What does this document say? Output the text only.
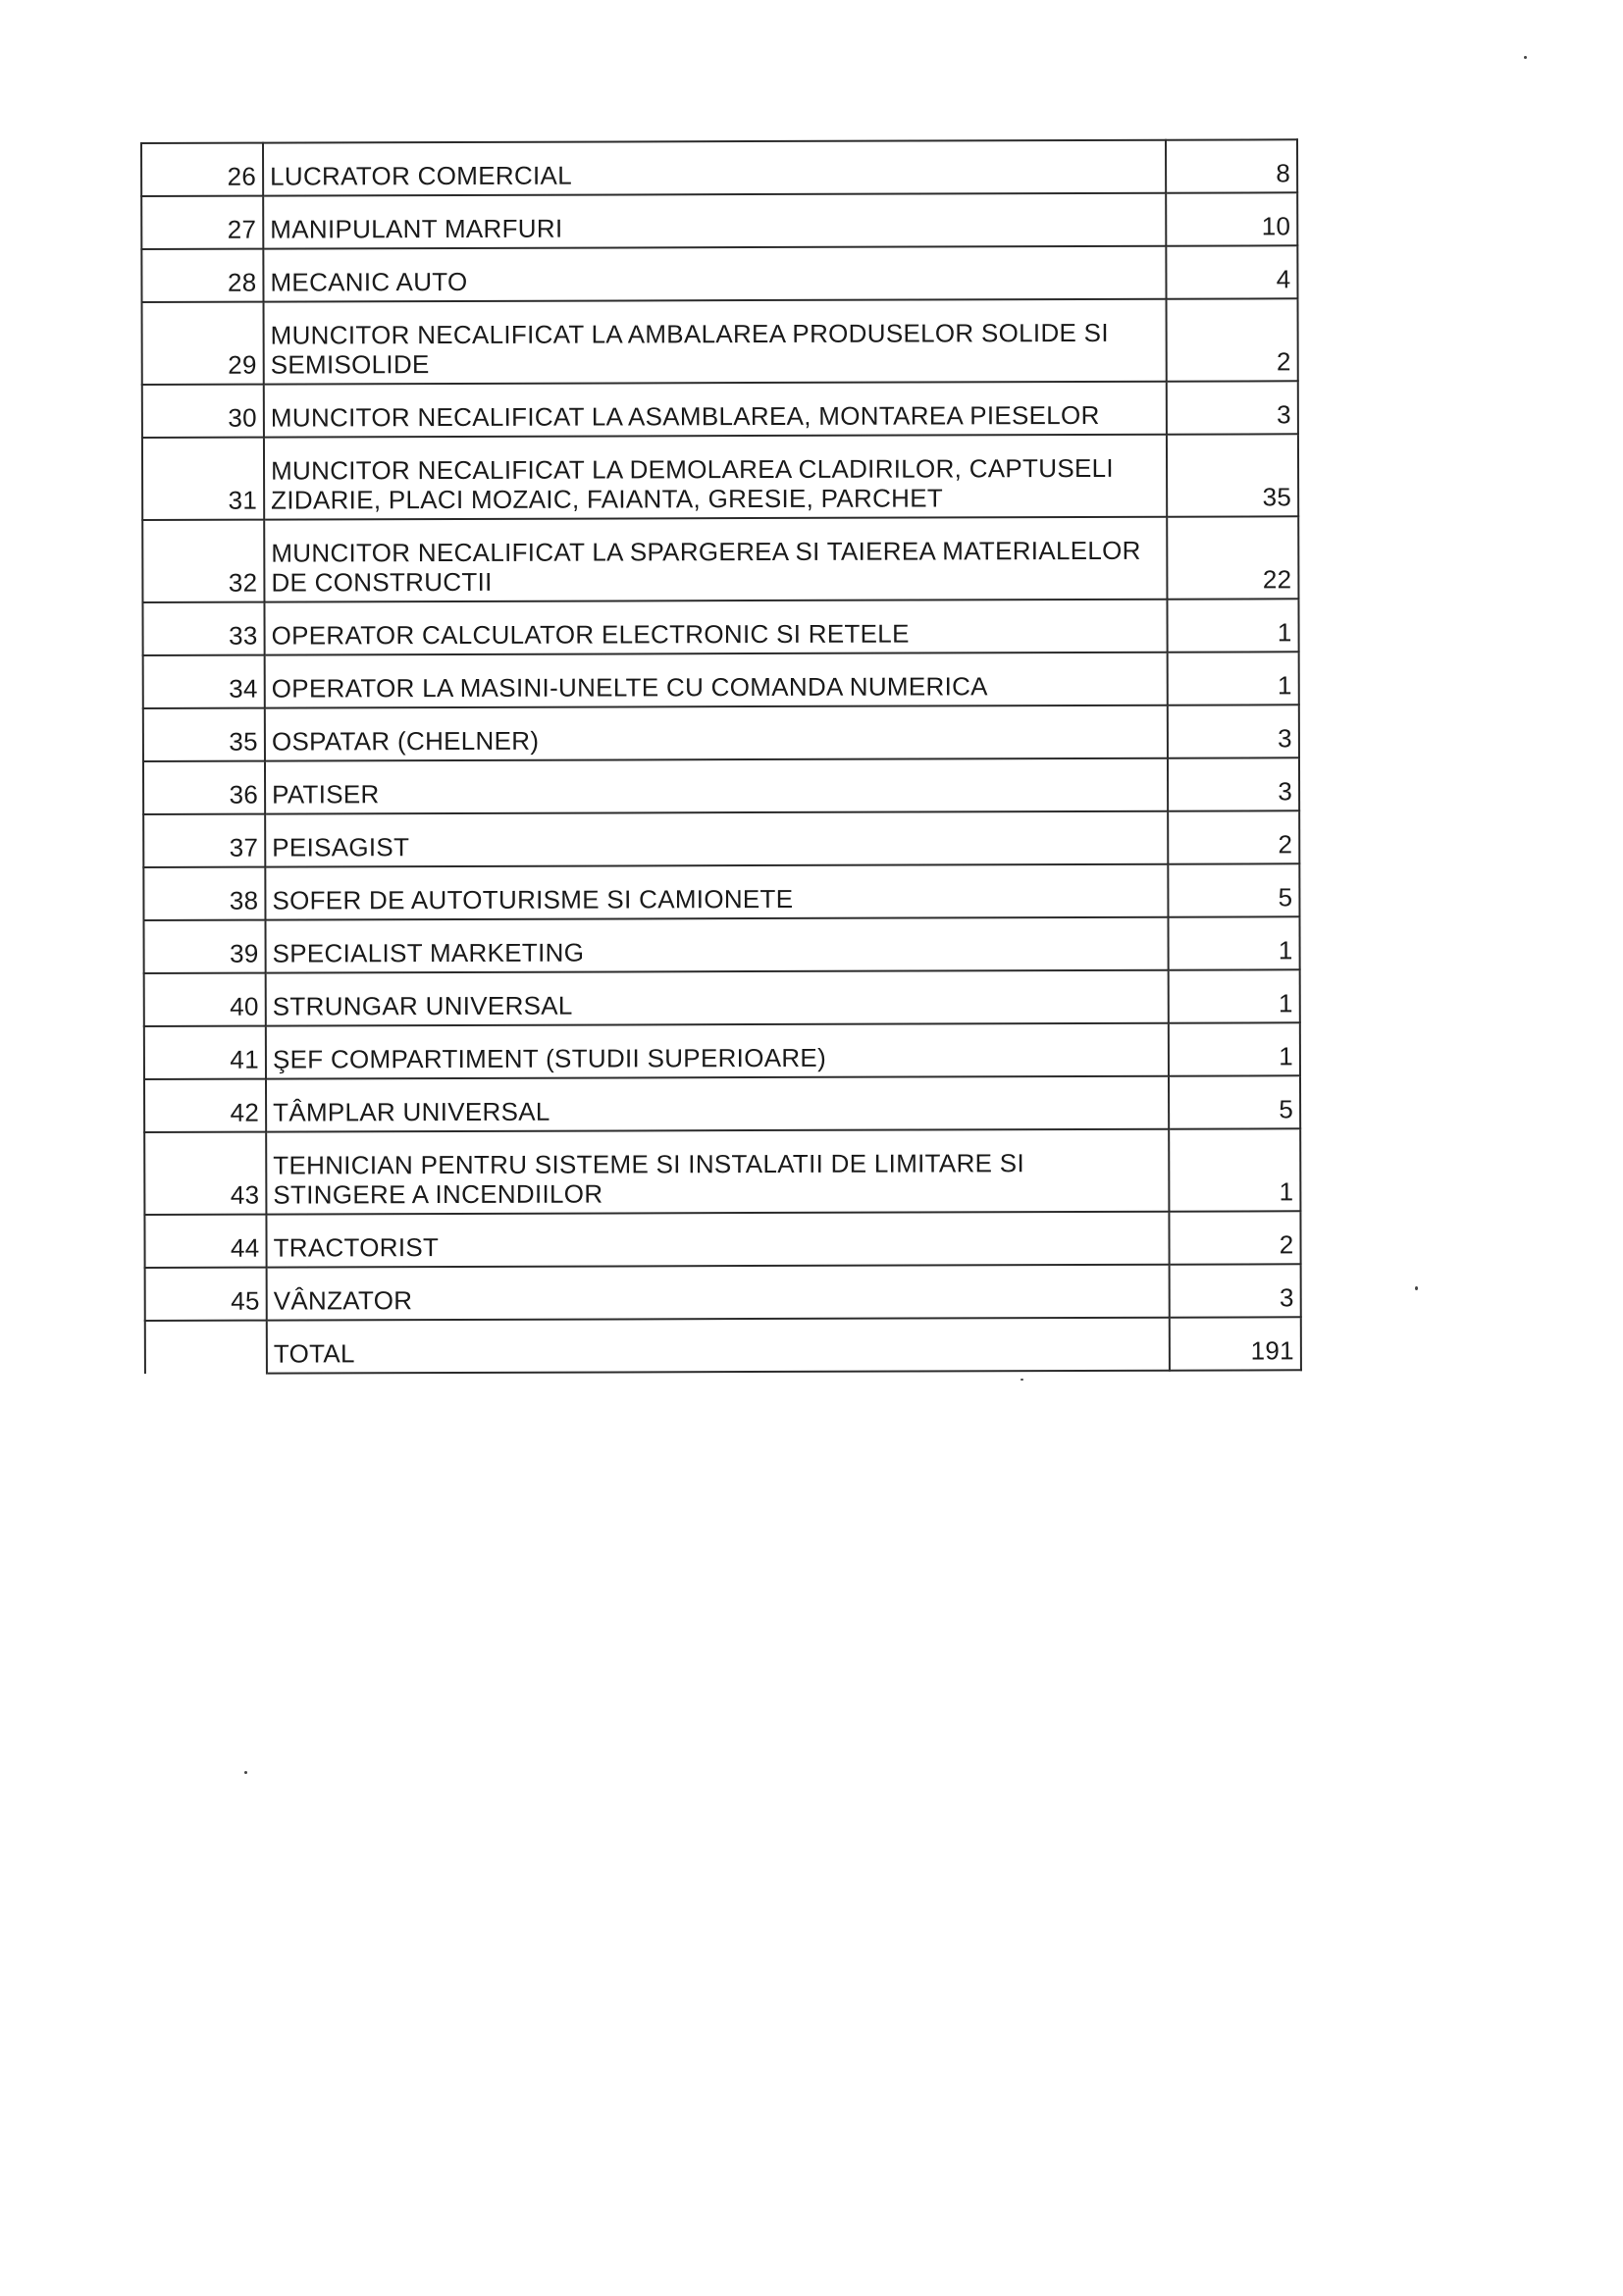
26	LUCRATOR COMERCIAL	8
27	MANIPULANT MARFURI	10
28	MECANIC AUTO	4
29	MUNCITOR NECALIFICAT LA AMBALAREA PRODUSELOR SOLIDE SI SEMISOLIDE	2
30	MUNCITOR NECALIFICAT LA ASAMBLAREA, MONTAREA PIESELOR	3
31	MUNCITOR NECALIFICAT LA DEMOLAREA CLADIRILOR, CAPTUSELI ZIDARIE, PLACI MOZAIC, FAIANTA, GRESIE, PARCHET	35
32	MUNCITOR NECALIFICAT LA SPARGEREA SI TAIEREA MATERIALELOR DE CONSTRUCTII	22
33	OPERATOR CALCULATOR ELECTRONIC SI RETELE	1
34	OPERATOR LA MASINI-UNELTE CU COMANDA NUMERICA	1
35	OSPATAR (CHELNER)	3
36	PATISER	3
37	PEISAGIST	2
38	SOFER DE AUTOTURISME SI CAMIONETE	5
39	SPECIALIST MARKETING	1
40	STRUNGAR UNIVERSAL	1
41	ŞEF COMPARTIMENT (STUDII SUPERIOARE)	1
42	TÂMPLAR UNIVERSAL	5
43	TEHNICIAN PENTRU SISTEME SI INSTALATII DE LIMITARE SI STINGERE A INCENDIILOR	1
44	TRACTORIST	2
45	VÂNZATOR	3
	TOTAL	191
